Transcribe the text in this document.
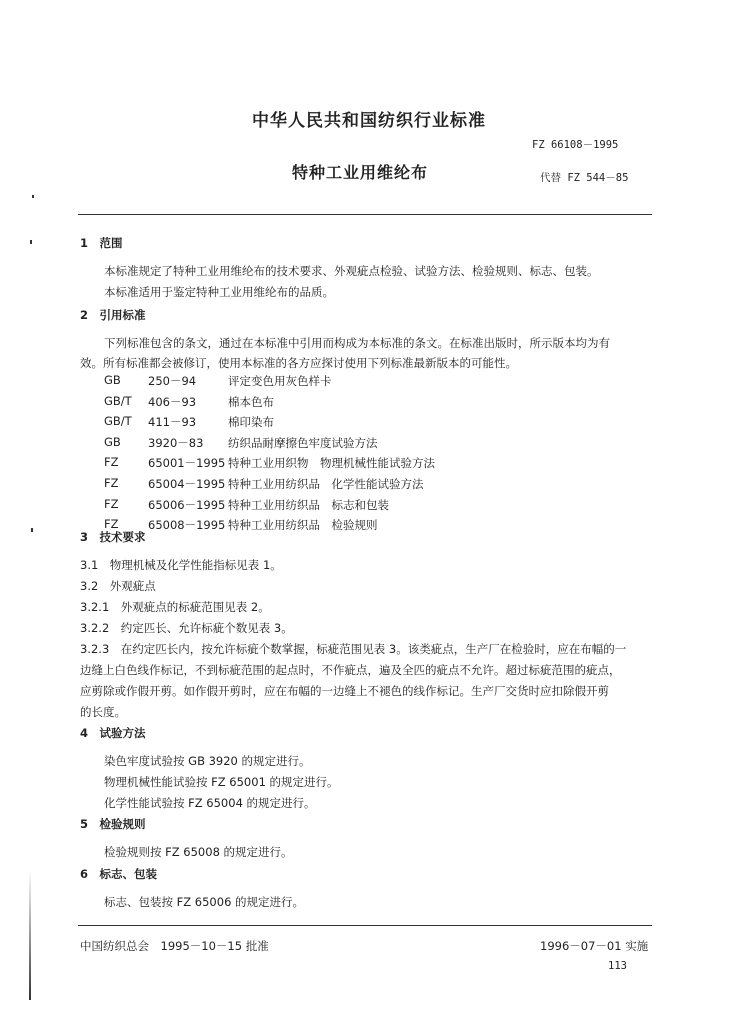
中华人民共和国纺织行业标准
FZ 66108－1995
特种工业用维纶布	代替 FZ 544－85
1　范围
本标准规定了特种工业用维纶布的技术要求、外观疵点检验、试验方法、检验规则、标志、包装。
本标准适用于鉴定特种工业用维纶布的品质。
2　引用标准
下列标准包含的条文，通过在本标准中引用而构成为本标准的条文。在标准出版时，所示版本均为有
效。所有标准都会被修订，使用本标准的各方应探讨使用下列标准最新版本的可能性。
GB 250－94	评定变色用灰色样卡
GB/T 406－93	棉本色布
GB/T 411－93	棉印染布
GB 3920－83 纺织品耐摩擦色牢度试验方法
FZ	65001－1995 特种工业用织物　物理机械性能试验方法
FZ	65004－1995 特种工业用纺织品　化学性能试验方法
FZ	65006－1995 特种工业用纺织品　标志和包装
FZ	65008－1995 特种工业用纺织品　检验规则
3　技术要求
3.1　物理机械及化学性能指标见表 1。
3.2　外观疵点
3.2.1　外观疵点的标疵范围见表 2。
3.2.2　约定匹长、允许标疵个数见表 3。
3.2.3　在约定匹长内，按允许标疵个数掌握，标疵范围见表 3。该类疵点，生产厂在检验时，应在布幅的一
边缝上白色线作标记，不到标疵范围的起点时，不作疵点，遍及全匹的疵点不允许。超过标疵范围的疵点，
应剪除或作假开剪。如作假开剪时，应在布幅的一边缝上不褪色的线作标记。生产厂交货时应扣除假开剪
的长度。
4　试验方法
染色牢度试验按 GB 3920 的规定进行。
物理机械性能试验按 FZ 65001 的规定进行。
化学性能试验按 FZ 65004 的规定进行。
5　检验规则
检验规则按 FZ 65008 的规定进行。
6　标志、包装
标志、包装按 FZ 65006 的规定进行。
中国纺织总会　1995－10－15 批准	1996－07－01 实施
113
